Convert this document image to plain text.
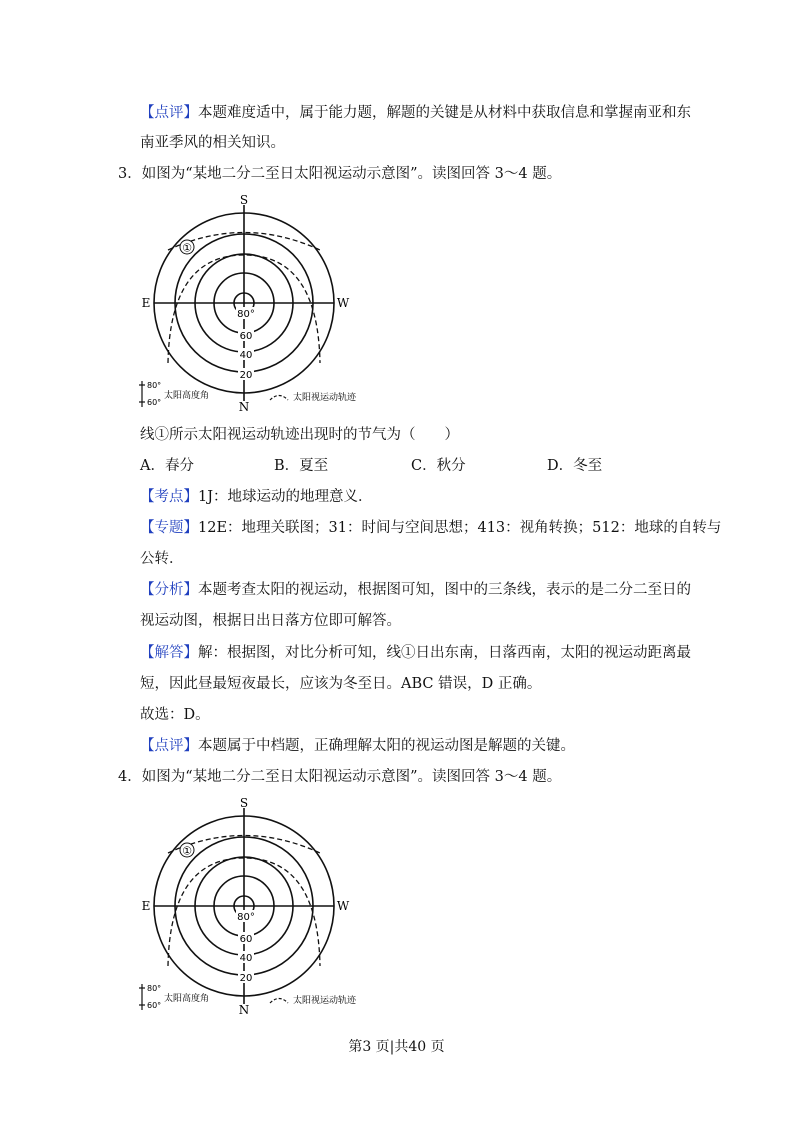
【点评】本题难度适中，属于能力题，解题的关键是从材料中获取信息和掌握南亚和东
南亚季风的相关知识。
3．如图为“某地二分二至日太阳视运动示意图”。读图回答 3～4 题。
①
S
N
E	W
80°
60
40
20
80°
60°
太阳高度角	太阳视运动轨迹
线①所示太阳视运动轨迹出现时的节气为（　　）
A．春分	B．夏至	C．秋分	D．冬至
【考点】1J：地球运动的地理意义．
【专题】12E：地理关联图；31：时间与空间思想；413：视角转换；512：地球的自转与
公转．
【分析】本题考查太阳的视运动，根据图可知，图中的三条线，表示的是二分二至日的
视运动图，根据日出日落方位即可解答。
【解答】解：根据图，对比分析可知，线①日出东南，日落西南，太阳的视运动距离最
短，因此昼最短夜最长，应该为冬至日。ABC 错误，D 正确。
故选：D。
【点评】本题属于中档题，正确理解太阳的视运动图是解题的关键。
4．如图为“某地二分二至日太阳视运动示意图”。读图回答 3～4 题。
①
S
N
E	W
80°
60
40
20
80°
60°
太阳高度角	太阳视运动轨迹
第3 页|共40 页
